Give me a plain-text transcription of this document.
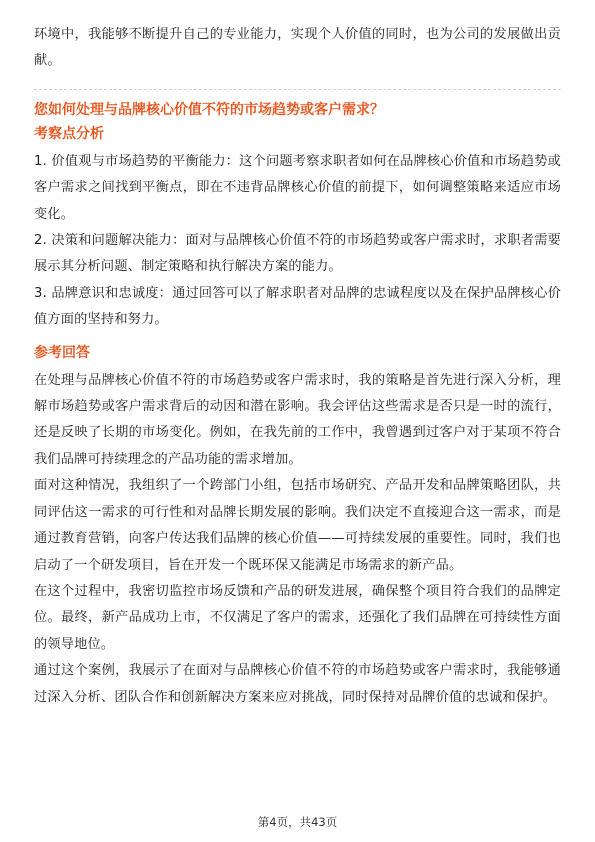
环境中，我能够不断提升自己的专业能力，实现个人价值的同时，也为公司的发展做出贡献。

您如何处理与品牌核心价值不符的市场趋势或客户需求？
考察点分析

1. 价值观与市场趋势的平衡能力：这个问题考察求职者如何在品牌核心价值和市场趋势或客户需求之间找到平衡点，即在不违背品牌核心价值的前提下，如何调整策略来适应市场变化。

2. 决策和问题解决能力：面对与品牌核心价值不符的市场趋势或客户需求时，求职者需要展示其分析问题、制定策略和执行解决方案的能力。

3. 品牌意识和忠诚度：通过回答可以了解求职者对品牌的忠诚程度以及在保护品牌核心价值方面的坚持和努力。

参考回答

在处理与品牌核心价值不符的市场趋势或客户需求时，我的策略是首先进行深入分析，理解市场趋势或客户需求背后的动因和潜在影响。我会评估这些需求是否只是一时的流行，还是反映了长期的市场变化。例如，在我先前的工作中，我曾遇到过客户对于某项不符合我们品牌可持续理念的产品功能的需求增加。

面对这种情况，我组织了一个跨部门小组，包括市场研究、产品开发和品牌策略团队，共同评估这一需求的可行性和对品牌长期发展的影响。我们决定不直接迎合这一需求，而是通过教育营销，向客户传达我们品牌的核心价值——可持续发展的重要性。同时，我们也启动了一个研发项目，旨在开发一个既环保又能满足市场需求的新产品。

在这个过程中，我密切监控市场反馈和产品的研发进展，确保整个项目符合我们的品牌定位。最终，新产品成功上市，不仅满足了客户的需求，还强化了我们品牌在可持续性方面的领导地位。

通过这个案例，我展示了在面对与品牌核心价值不符的市场趋势或客户需求时，我能够通过深入分析、团队合作和创新解决方案来应对挑战，同时保持对品牌价值的忠诚和保护。

第4页，共43页
